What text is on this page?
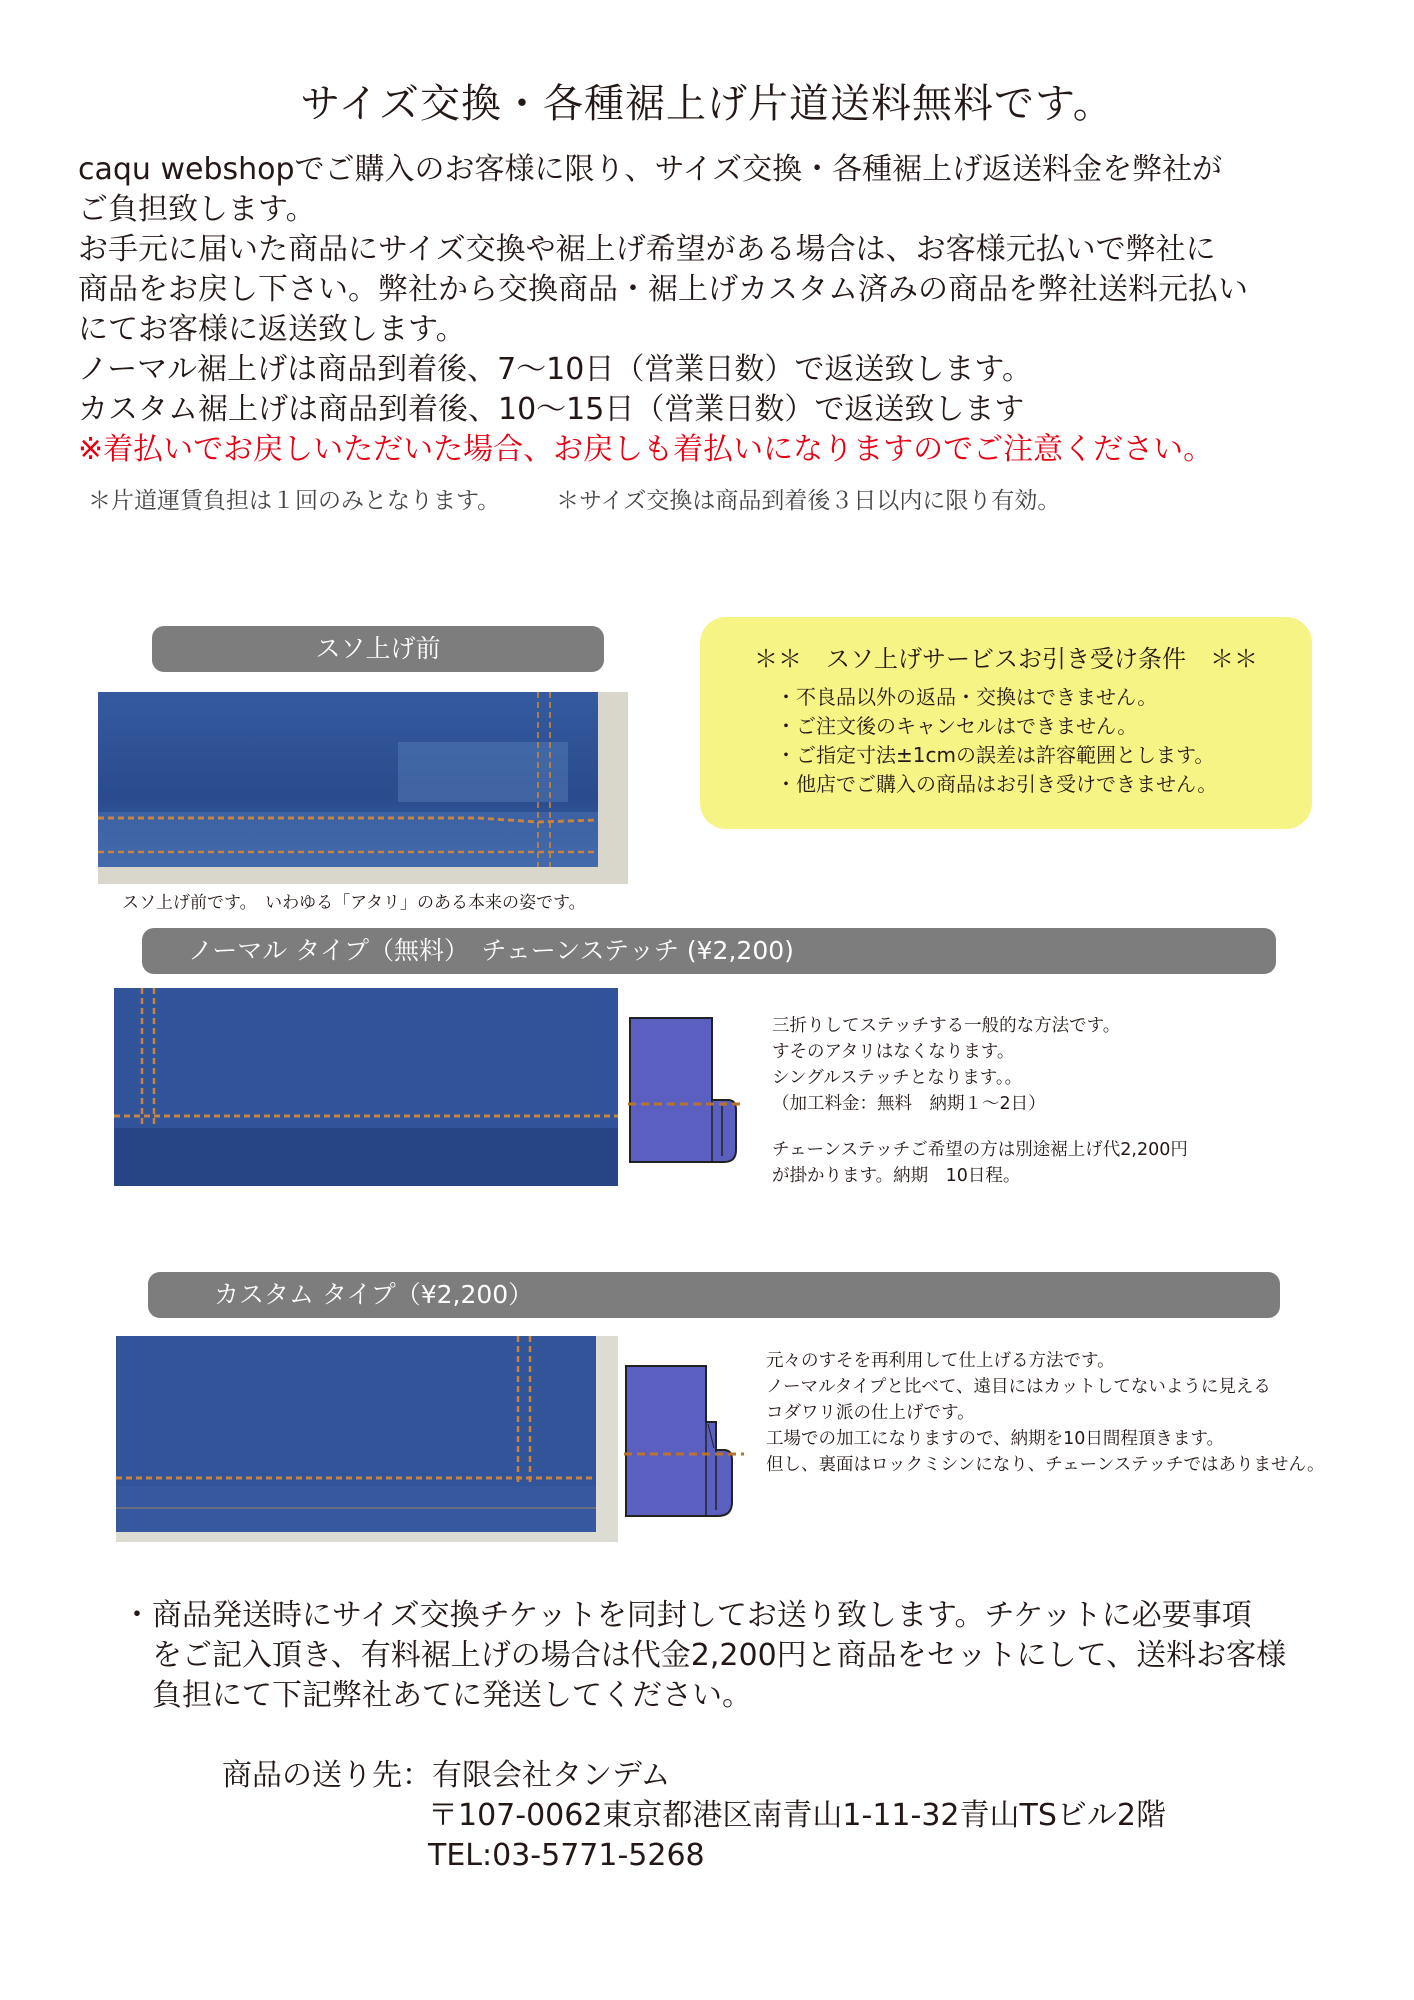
サイズ交換・各種裾上げ片道送料無料です。

caqu webshopでご購入のお客様に限り、サイズ交換・各種裾上げ返送料金を弊社が

ご負担致します。

お手元に届いた商品にサイズ交換や裾上げ希望がある場合は、お客様元払いで弊社に

商品をお戻し下さい。弊社から交換商品・裾上げカスタム済みの商品を弊社送料元払い

にてお客様に返送致します。

ノーマル裾上げは商品到着後、7〜10日（営業日数）で返送致します。

カスタム裾上げは商品到着後、10〜15日（営業日数）で返送致します

※着払いでお戻しいただいた場合、お戻しも着払いになりますのでご注意ください。

＊片道運賃負担は１回のみとなります。 ＊サイズ交換は商品到着後３日以内に限り有効。
スソ上げ前
スソ上げ前です。　いわゆる「アタリ」のある本来の姿です。
＊＊　スソ上げサービスお引き受け条件　＊＊
・不良品以外の返品・交換はできません。
・ご注文後のキャンセルはできません。
・ご指定寸法±1cmの誤差は許容範囲とします。
・他店でご購入の商品はお引き受けできません。
ノーマル タイプ（無料）　チェーンステッチ (¥2,200)

三折りしてステッチする一般的な方法です。

すそのアタリはなくなります。

シングルステッチとなります。。

（加工料金：無料　納期１〜2日）

チェーンステッチご希望の方は別途裾上げ代2,200円

が掛かります。納期　10日程。

カスタム タイプ（¥2,200）

元々のすそを再利用して仕上げる方法です。

ノーマルタイプと比べて、遠目にはカットしてないように見える

コダワリ派の仕上げです。

工場での加工になりますので、納期を10日間程頂きます。

但し、裏面はロックミシンになり、チェーンステッチではありません。

・商品発送時にサイズ交換チケットを同封してお送り致します。チケットに必要事項

　をご記入頂き、有料裾上げの場合は代金2,200円と商品をセットにして、送料お客様

　負担にて下記弊社あてに発送してください。

商品の送り先：有限会社タンデム

〒107-0062東京都港区南青山1-11-32青山TSビル2階

TEL:03-5771-5268
